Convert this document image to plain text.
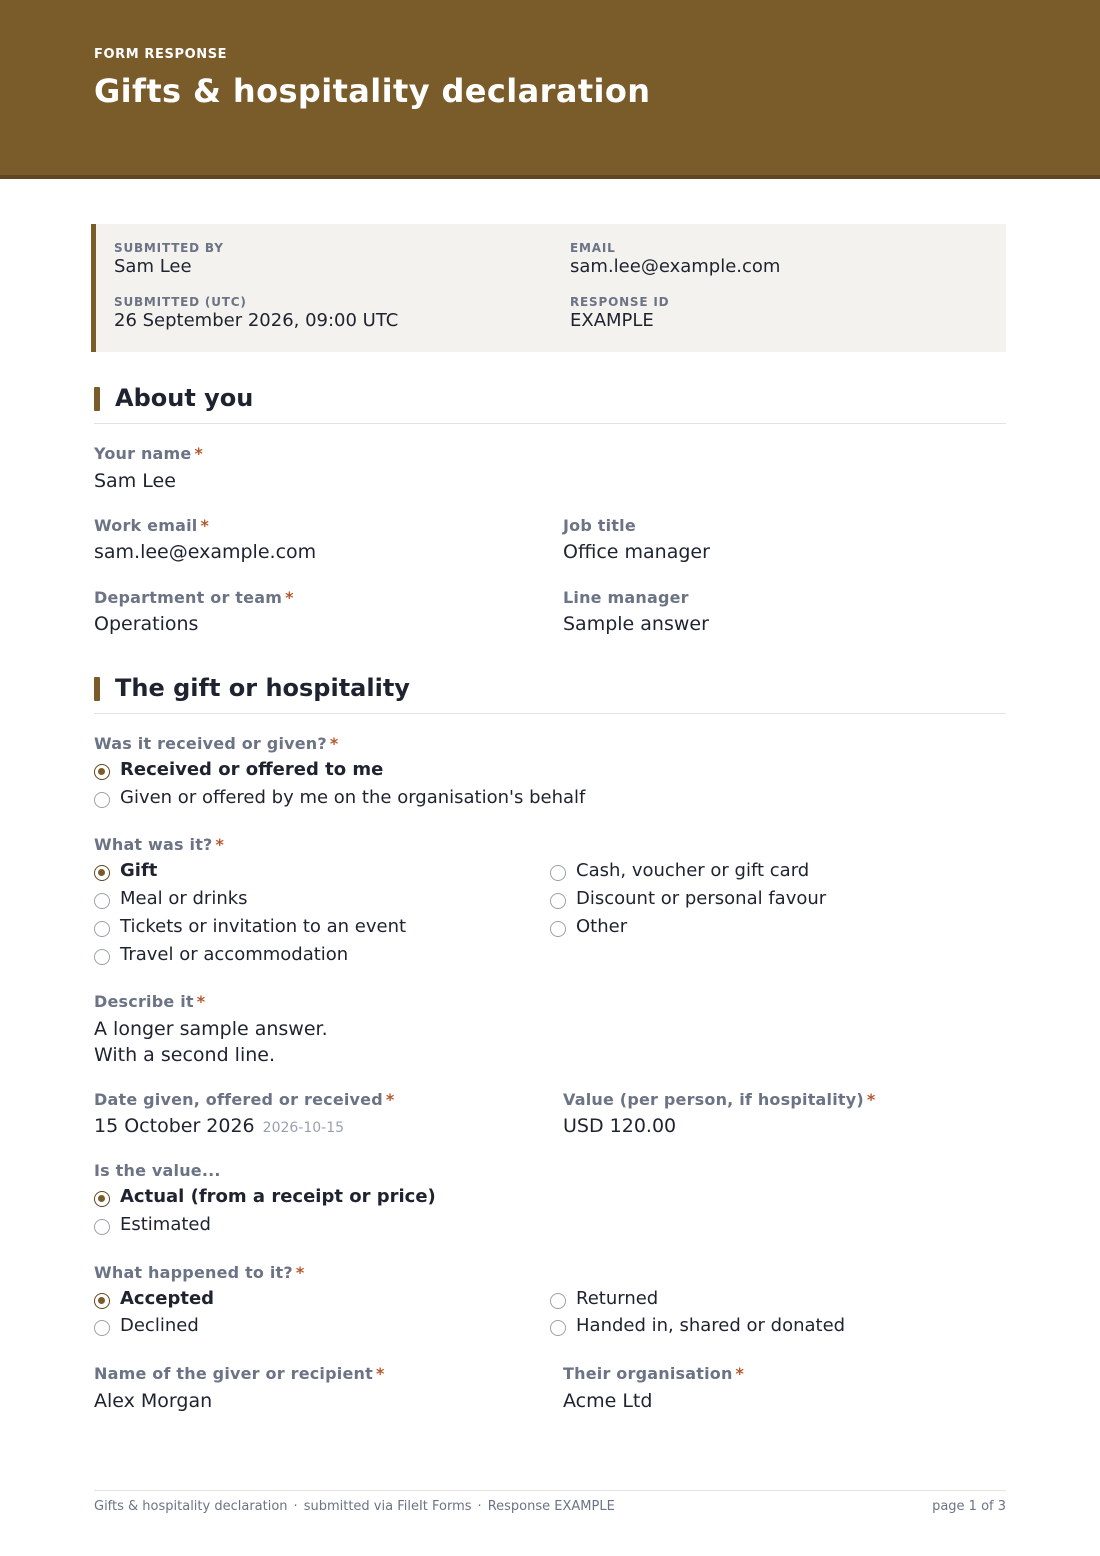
FORM RESPONSE
Gifts & hospitality declaration
SUBMITTED BY
Sam Lee
EMAIL
sam.lee@example.com
SUBMITTED (UTC)
26 September 2026, 09:00 UTC
RESPONSE ID
EXAMPLE
About you
Your name *
Sam Lee
Work email *
sam.lee@example.com
Job title
Office manager
Department or team *
Operations
Line manager
Sample answer
The gift or hospitality
Was it received or given? *
Received or offered to me
Given or offered by me on the organisation's behalf
What was it? *
Gift
Meal or drinks
Tickets or invitation to an event
Travel or accommodation
Cash, voucher or gift card
Discount or personal favour
Other
Describe it *
A longer sample answer.
With a second line.
Date given, offered or received *
15 October 2026 2026-10-15
Value (per person, if hospitality) *
USD 120.00
Is the value...
Actual (from a receipt or price)
Estimated
What happened to it? *
Accepted
Declined
Returned
Handed in, shared or donated
Name of the giver or recipient *
Alex Morgan
Their organisation *
Acme Ltd
Gifts & hospitality declaration · submitted via FileIt Forms · Response EXAMPLE	page 1 of 3
